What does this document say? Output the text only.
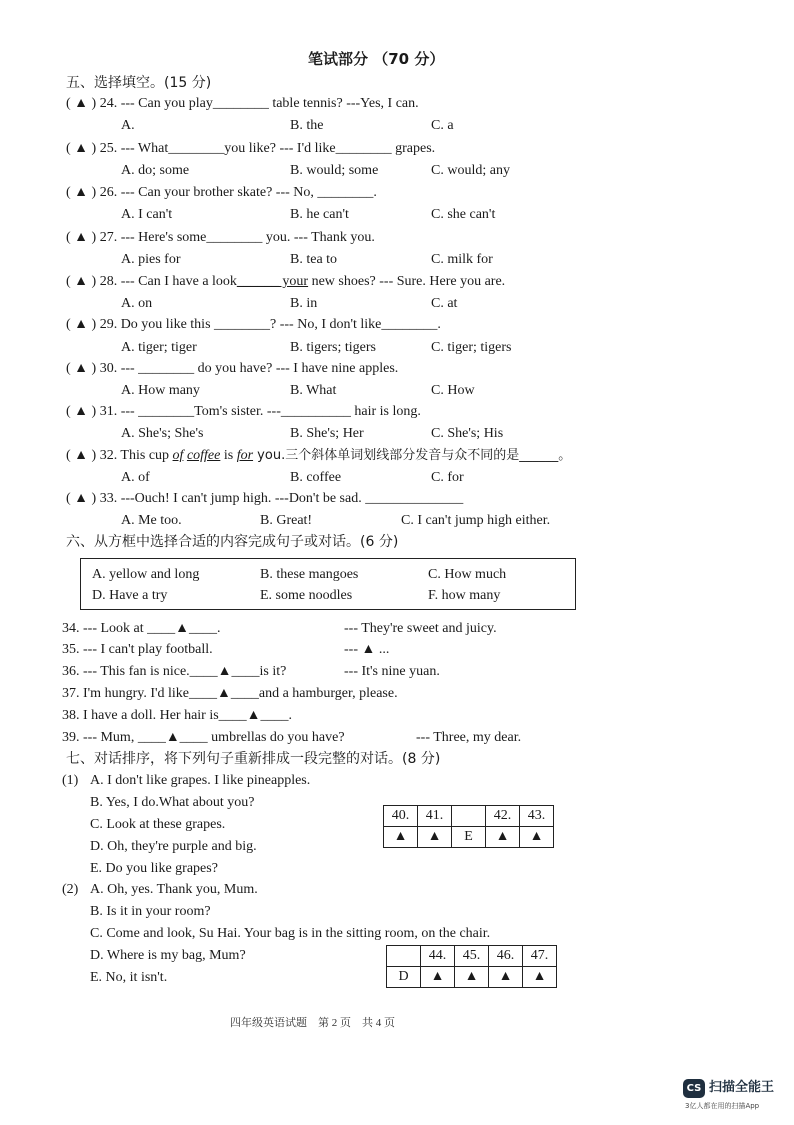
笔试部分 （70 分）
五、选择填空。(15 分)
( ▲ ) 24. --- Can you play________ table tennis? ---Yes, I can.
A.	B. the	C. a
( ▲ ) 25. --- What________you like? --- I'd like________ grapes.
A. do; some	B. would; some	C. would; any
( ▲ ) 26. --- Can your brother skate? --- No, ________.
A. I can't	B. he can't	C. she can't
( ▲ ) 27. --- Here's some________ you. --- Thank you.
A. pies for	B. tea to	C. milk for
( ▲ ) 28. --- Can I have a look______ your new shoes? --- Sure. Here you are.
A. on	B. in	C. at
( ▲ ) 29. Do you like this ________? --- No, I don't like________.
A. tiger; tiger	B. tigers; tigers	C. tiger; tigers
( ▲ ) 30. --- ________ do you have? --- I have nine apples.
A. How many	B. What	C. How
( ▲ ) 31. --- ________Tom's sister. ---__________ hair is long.
A. She's; She's	B. She's; Her	C. She's; His
( ▲ ) 32. This cup of coffee is for you.三个斜体单词划线部分发音与众不同的是______。
A. of	B. coffee	C. for
( ▲ ) 33. ---Ouch! I can't jump high. ---Don't be sad. ______________
A. Me too.	B. Great!	C. I can't jump high either.
六、从方框中选择合适的内容完成句子或对话。(6 分)
A. yellow and long	B. these mangoes	C. How much
D. Have a try	E. some noodles	F. how many
34. --- Look at ____▲____.	--- They're sweet and juicy.
35. --- I can't play football.	--- ▲ ...
36. --- This fan is nice.____▲____is it?	--- It's nine yuan.
37. I'm hungry. I'd like____▲____and a hamburger, please.
38. I have a doll. Her hair is____▲____.
39. --- Mum, ____▲____ umbrellas do you have?	--- Three, my dear.
七、对话排序，将下列句子重新排成一段完整的对话。(8 分)
(1) A. I don't like grapes. I like pineapples.
B. Yes, I do.What about you?
C. Look at these grapes.
D. Oh, they're purple and big.
E. Do you like grapes?
40.	41.		42.	43.
▲	▲	E	▲	▲
(2) A. Oh, yes. Thank you, Mum.
B. Is it in your room?
C. Come and look, Su Hai. Your bag is in the sitting room, on the chair.
D. Where is my bag, Mum?
E. No, it isn't.
	44.	45.	46.	47.
D	▲	▲	▲	▲
四年级英语试题　第 2 页　共 4 页
CS 扫描全能王
3亿人都在用的扫描App
